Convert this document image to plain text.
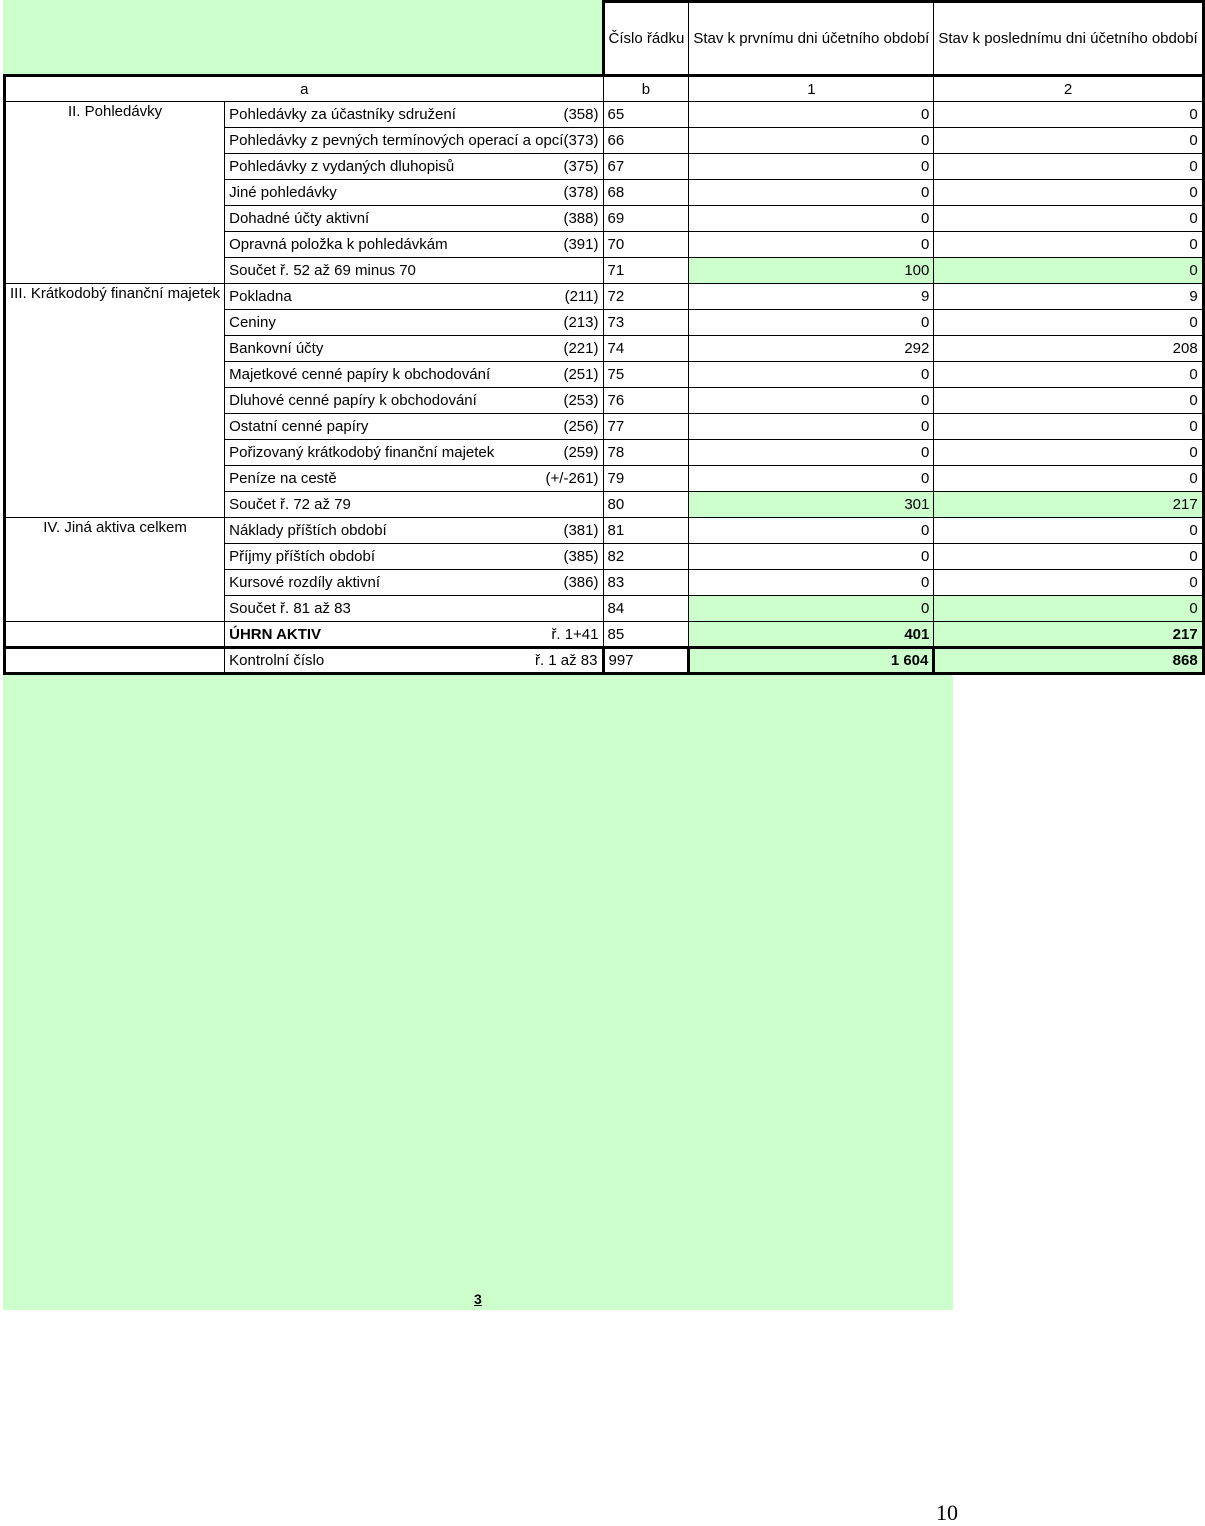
		Číslo řádku	Stav k prvnímu dni účetního období	Stav k poslednímu dni účetního období
a		b	1	2
II. Pohledávky	Pohledávky za účastníky sdružení (358)	65	0	0

	Pohledávky z pevných termínových operací a opcí (373)	66	0	0

	Pohledávky z vydaných dluhopisů (375)	67	0	0

	Jiné pohledávky (378)	68	0	0

	Dohadné účty aktivní (388)	69	0	0

	Opravná položka k pohledávkám (391)	70	0	0

	Součet ř. 52 až 69 minus 70	71	100	0
III. Krátkodobý finanční majetek	Pokladna (211)	72	9	9

	Ceniny (213)	73	0	0

	Bankovní účty (221)	74	292	208

	Majetkové cenné papíry k obchodování (251)	75	0	0

	Dluhové cenné papíry k obchodování (253)	76	0	0

	Ostatní cenné papíry (256)	77	0	0

	Pořizovaný krátkodobý finanční majetek (259)	78	0	0

	Peníze na cestě (+/-261)	79	0	0

	Součet ř. 72 až 79	80	301	217
IV. Jiná aktiva celkem	Náklady příštích období (381)	81	0	0

	Příjmy příštích období (385)	82	0	0

	Kursové rozdíly aktivní (386)	83	0	0

	Součet ř. 81 až 83	84	0	0

	ÚHRN AKTIV ř. 1+41	85	401	217

	Kontrolní číslo ř. 1 až 83	997	1 604	868
3
10
